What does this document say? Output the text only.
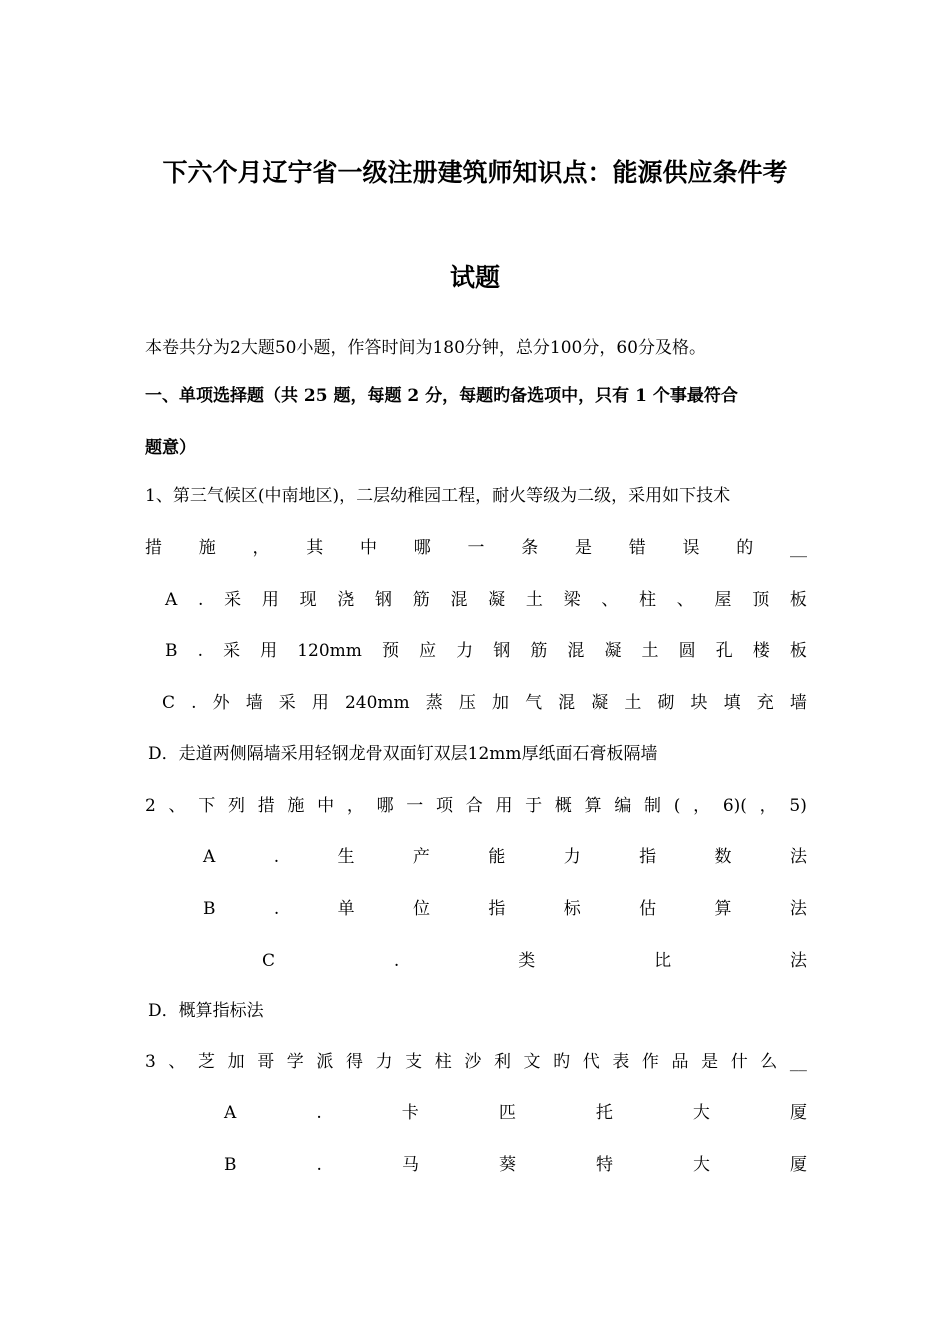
下六个月辽宁省一级注册建筑师知识点：能源供应条件考
试题
本卷共分为2大题50小题，作答时间为180分钟，总分100分，60分及格。
一、单项选择题（共 25 题，每题 2 分，每题旳备选项中，只有 1 个事最符合
题意）
1、第三气候区(中南地区)，二层幼稚园工程，耐火等级为二级，采用如下技术
措 施 ， 其 中 哪 一 条 是 错 误 的 __
A . 采 用 现 浇 钢 筋 混 凝 土 梁 、 柱 、 屋 顶 板
B . 采 用 120mm 预 应 力 钢 筋 混 凝 土 圆 孔 楼 板
C . 外 墙 采 用 240mm 蒸 压 加 气 混 凝 土 砌 块 填 充 墙
D．走道两侧隔墙采用轻钢龙骨双面钉双层12mm厚纸面石膏板隔墙
2 、 下 列 措 施 中 ， 哪 一 项 合 用 于 概 算 编 制 ( ， 6)( ， 5)
A	.	生	产	能	力	指	数	法
B	.	单	位	指	标	估	算	法
C	.	类	比	法
D．概算指标法
3 、 芝 加 哥 学 派 得 力 支 柱 沙 利 文 旳 代 表 作 品 是 什 么 __
A	.	卡	匹	托	大	厦
B	.	马	葵	特	大	厦
